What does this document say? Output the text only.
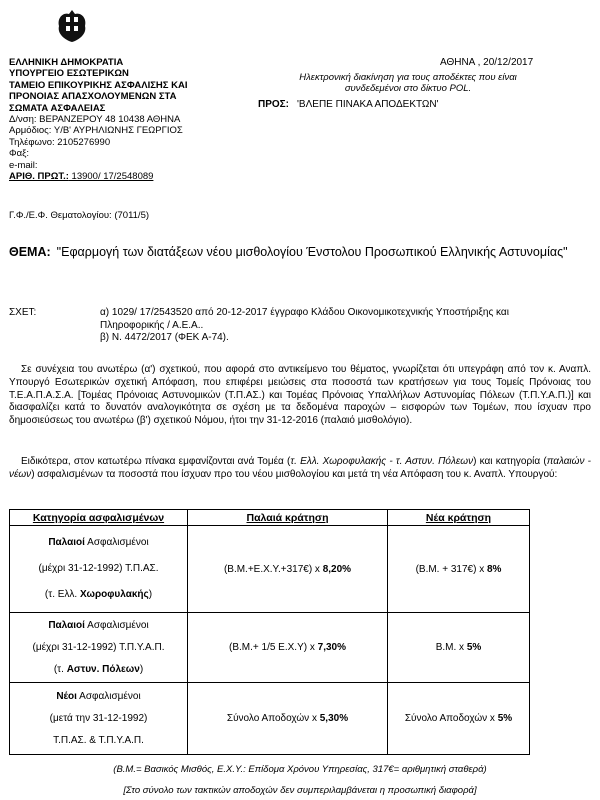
ΕΛΛΗΝΙΚΗ ΔΗΜΟΚΡΑΤΙΑ
ΥΠΟΥΡΓΕΙΟ ΕΣΩΤΕΡΙΚΩΝ
ΤΑΜΕΙΟ ΕΠΙΚΟΥΡΙΚΗΣ ΑΣΦΑΛΙΣΗΣ ΚΑΙ
ΠΡΟΝΟΙΑΣ ΑΠΑΣΧΟΛΟΥΜΕΝΩΝ ΣΤΑ
ΣΩΜΑΤΑ ΑΣΦΑΛΕΙΑΣ
Δ/νση: ΒΕΡΑΝΖΕΡΟΥ 48 10438 ΑΘΗΝΑ
Αρμόδιος: Υ/Β' ΑΥΡΗΛΙΩΝΗΣ ΓΕΩΡΓΙΟΣ
Τηλέφωνο: 2105276990
Φαξ:
e-mail:
ΑΡΙΘ. ΠΡΩΤ.: 13900/ 17/2548089
ΑΘΗΝΑ , 20/12/2017
Ηλεκτρονική διακίνηση για τους αποδέκτες που είναι συνδεδεμένοι στο δίκτυο POL.
ΠΡΟΣ: 'ΒΛΕΠΕ ΠΙΝΑΚΑ ΑΠΟΔΕΚΤΩΝ'
Γ.Φ./Ε.Φ. Θεματολογίου: (7011/5)
ΘΕΜΑ: "Εφαρμογή των διατάξεων νέου μισθολογίου Ένστολου Προσωπικού Ελληνικής Αστυνομίας"
ΣΧΕΤ:	α) 1029/ 17/2543520 από 20-12-2017 έγγραφο Κλάδου Οικονομικοτεχνικής Υποστήριξης και Πληροφορικής / Α.Ε.Α..
β) Ν. 4472/2017 (ΦΕΚ Α-74).
Σε συνέχεια του ανωτέρω (α') σχετικού, που αφορά στο αντικείμενο του θέματος, γνωρίζεται ότι υπεγράφη από τον κ. Αναπλ. Υπουργό Εσωτερικών σχετική Απόφαση, που επιφέρει μειώσεις στα ποσοστά των κρατήσεων για τους Τομείς Πρόνοιας του Τ.Ε.Α.Π.Α.Σ.Α. [Τομέας Πρόνοιας Αστυνομικών (Τ.Π.ΑΣ.) και Τομέας Πρόνοιας Υπαλλήλων Αστυνομίας Πόλεων (Τ.Π.Υ.Α.Π.)] και διασφαλίζει κατά το δυνατόν αναλογικότητα σε σχέση με τα δεδομένα παροχών – εισφορών των Τομέων, που ίσχυαν προ δημοσιεύσεως του ανωτέρω (β') σχετικού Νόμου, ήτοι την 31-12-2016 (παλαιό μισθολόγιο).
Ειδικότερα, στον κατωτέρω πίνακα εμφανίζονται ανά Τομέα (τ. Ελλ. Χωροφυλακής - τ. Αστυν. Πόλεων) και κατηγορία (παλαιών - νέων) ασφαλισμένων τα ποσοστά που ίσχυαν προ του νέου μισθολογίου και μετά τη νέα Απόφαση του κ. Αναπλ. Υπουργού:
Κατηγορία ασφαλισμένων	Παλαιά κράτηση	Νέα κράτηση

Παλαιοί Ασφαλισμένοι
(μέχρι 31-12-1992) Τ.Π.ΑΣ.
(τ. Ελλ. Χωροφυλακής)	(Β.Μ.+Ε.Χ.Υ.+317€) x 8,20%	(Β.Μ. + 317€) x 8%

Παλαιοί Ασφαλισμένοι
(μέχρι 31-12-1992) Τ.Π.Υ.Α.Π.
(τ. Αστυν. Πόλεων)	(Β.Μ.+ 1/5 Ε.Χ.Υ) x 7,30%	Β.Μ. x 5%

Νέοι Ασφαλισμένοι
(μετά την 31-12-1992)
Τ.Π.ΑΣ. & Τ.Π.Υ.Α.Π.	Σύνολο Αποδοχών x 5,30%	Σύνολο Αποδοχών x 5%
(Β.Μ.= Βασικός Μισθός, Ε.Χ.Υ.: Επίδομα Χρόνου Υπηρεσίας, 317€= αριθμητική σταθερά)
[Στο σύνολο των τακτικών αποδοχών δεν συμπεριλαμβάνεται η προσωπική διαφορά]
